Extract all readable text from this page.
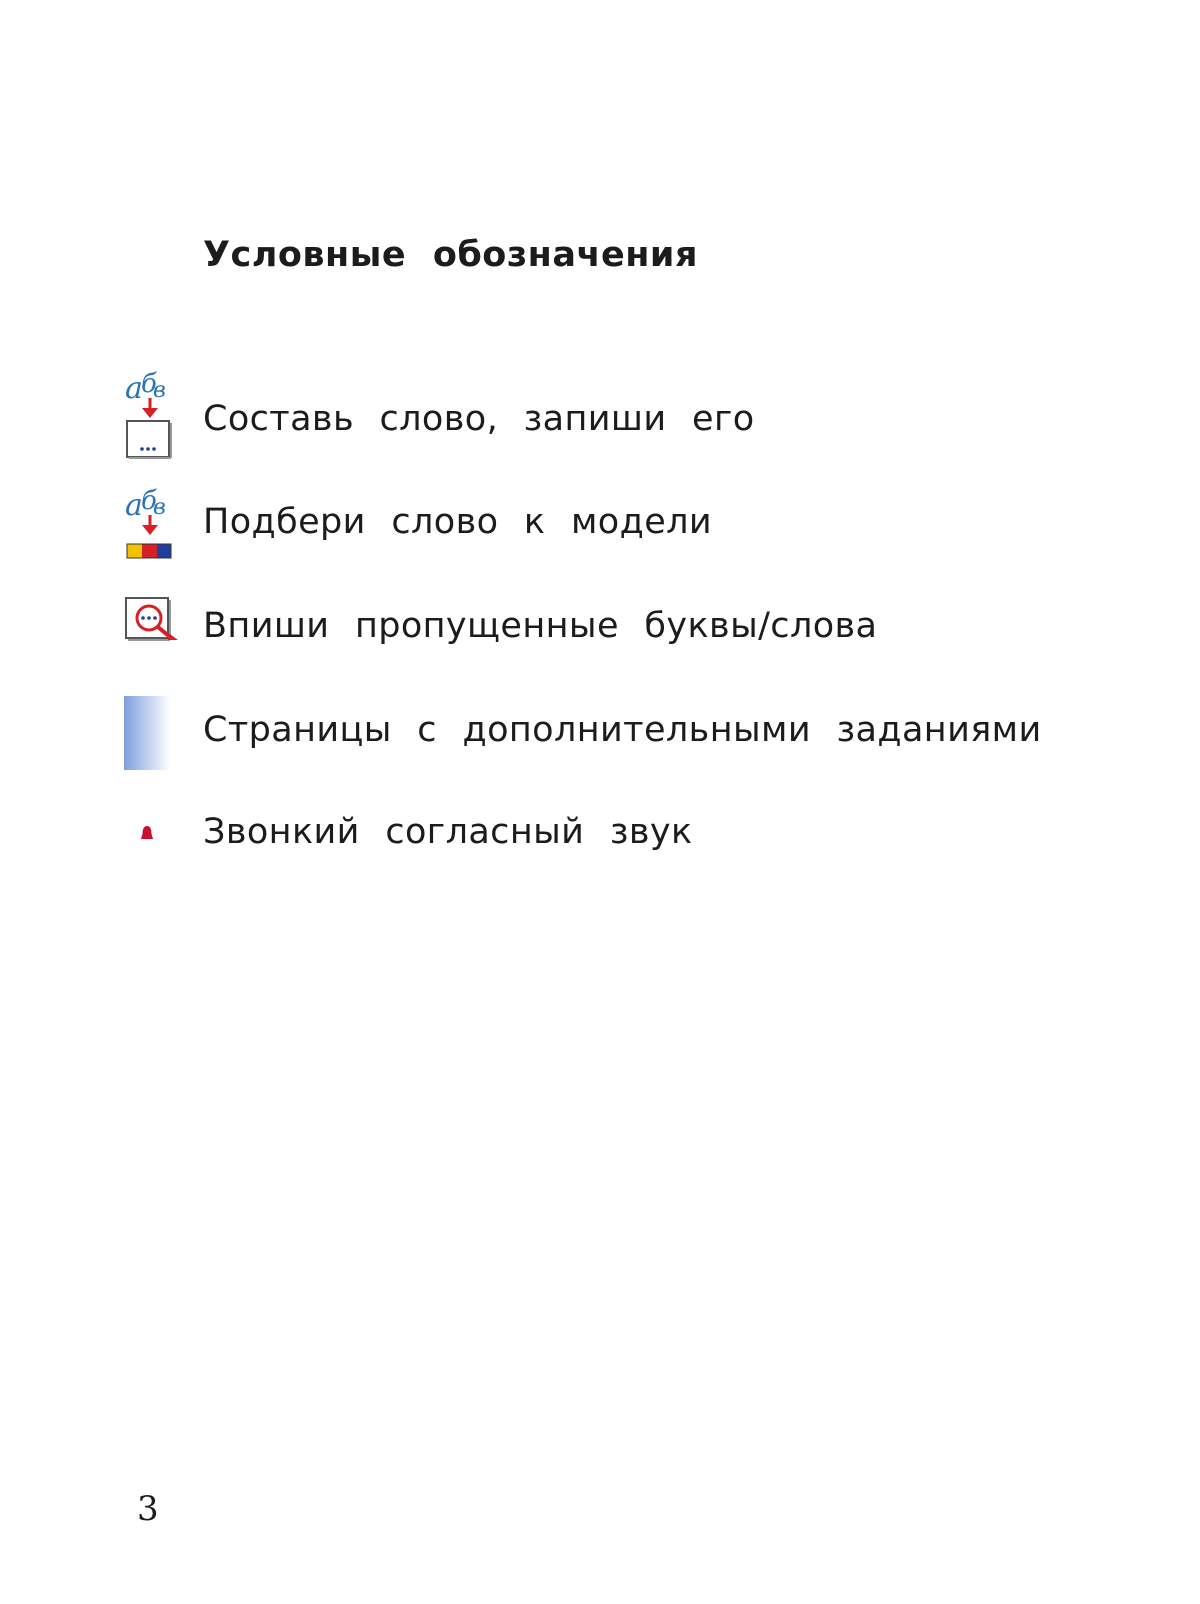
Условные обозначения
а
б
в
Составь слово, запиши его
а
б
в Подбери слово к модели
Впиши пропущенные буквы/слова
Страницы с дополнительными заданиями
Звонкий согласный звук
3
